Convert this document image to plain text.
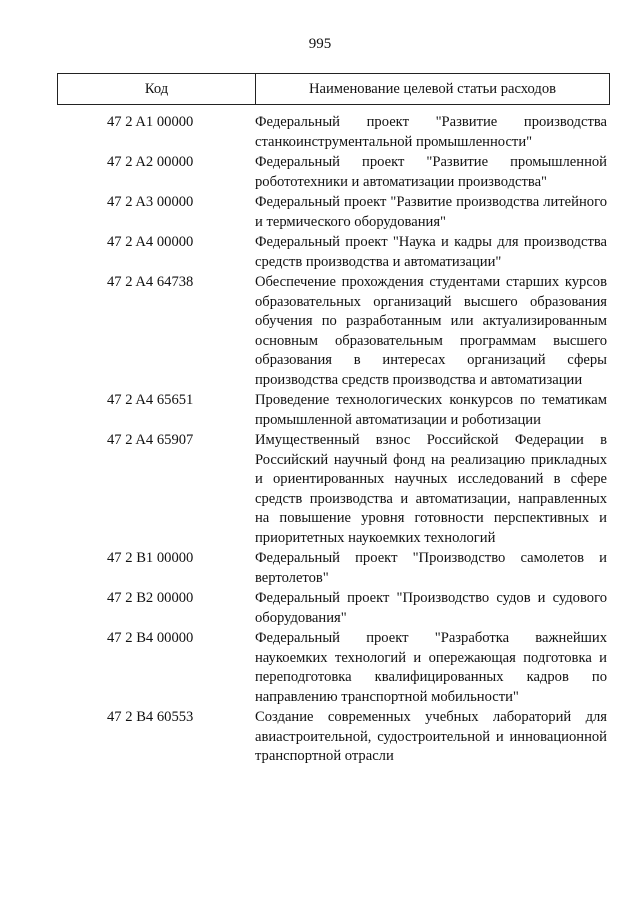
995
Код	Наименование целевой статьи расходов
47 2 A1 00000	Федеральный проект "Развитие производства станкоинструментальной промышленности"
47 2 A2 00000	Федеральный проект "Развитие промышленной робототехники и автоматизации производства"
47 2 A3 00000	Федеральный проект "Развитие производства литейного и термического оборудования"
47 2 A4 00000	Федеральный проект "Наука и кадры для производства средств производства и автоматизации"
47 2 A4 64738	Обеспечение прохождения студентами старших курсов образовательных организаций высшего образования обучения по разработанным или актуализированным основным образовательным программам высшего образования в интересах организаций сферы производства средств производства и автоматизации
47 2 A4 65651	Проведение технологических конкурсов по тематикам промышленной автоматизации и роботизации
47 2 A4 65907	Имущественный взнос Российской Федерации в Российский научный фонд на реализацию прикладных и ориентированных научных исследований в сфере средств производства и автоматизации, направленных на повышение уровня готовности перспективных и приоритетных наукоемких технологий
47 2 B1 00000	Федеральный проект "Производство самолетов и вертолетов"
47 2 B2 00000	Федеральный проект "Производство судов и судового оборудования"
47 2 B4 00000	Федеральный проект "Разработка важнейших наукоемких технологий и опережающая подготовка и переподготовка квалифицированных кадров по направлению транспортной мобильности"
47 2 B4 60553	Создание современных учебных лабораторий для авиастроительной, судостроительной и инновационной транспортной отрасли
